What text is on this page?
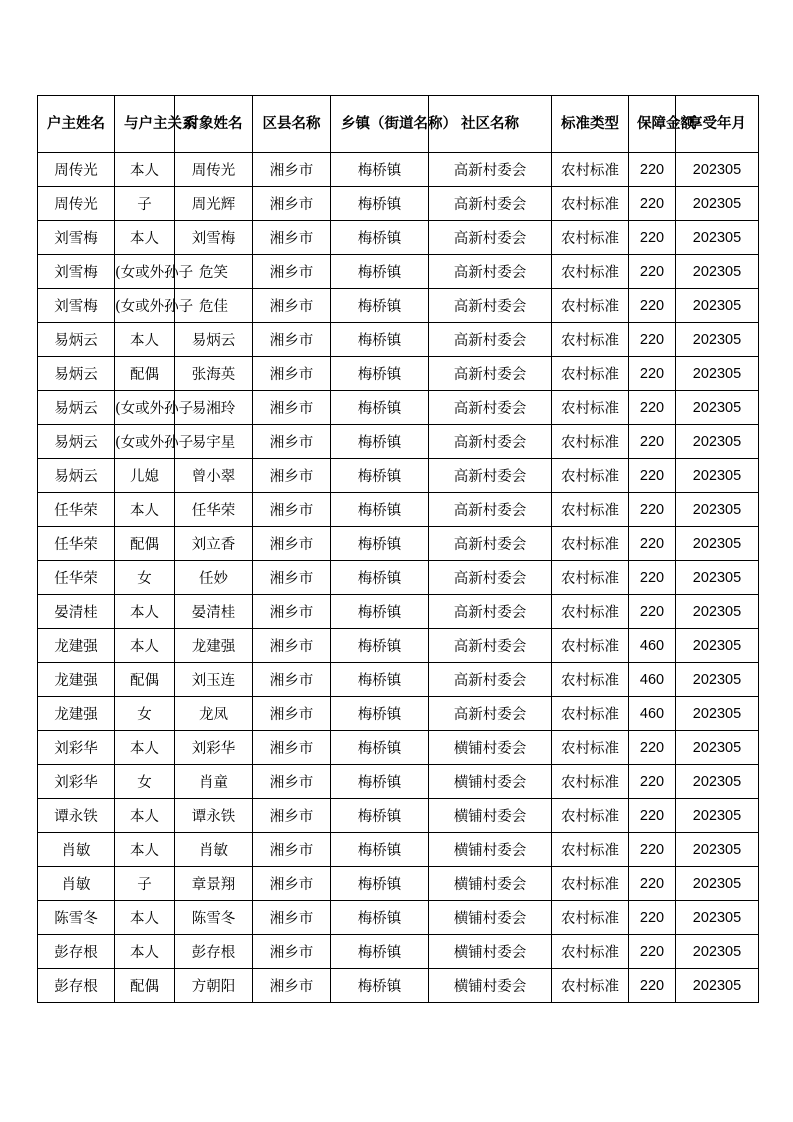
户主姓名	与户主关系	对象姓名	区县名称	乡镇（街道名称）	社区名称	标准类型	保障金额	享受年月
周传光	本人	周传光	湘乡市	梅桥镇	高新村委会	农村标准	220	202305
周传光	子	周光辉	湘乡市	梅桥镇	高新村委会	农村标准	220	202305
刘雪梅	本人	刘雪梅	湘乡市	梅桥镇	高新村委会	农村标准	220	202305
刘雪梅	(女或外孙子	危笑	湘乡市	梅桥镇	高新村委会	农村标准	220	202305
刘雪梅	(女或外孙子	危佳	湘乡市	梅桥镇	高新村委会	农村标准	220	202305
易炳云	本人	易炳云	湘乡市	梅桥镇	高新村委会	农村标准	220	202305
易炳云	配偶	张海英	湘乡市	梅桥镇	高新村委会	农村标准	220	202305
易炳云	(女或外孙子	易湘玲	湘乡市	梅桥镇	高新村委会	农村标准	220	202305
易炳云	(女或外孙子	易宇星	湘乡市	梅桥镇	高新村委会	农村标准	220	202305
易炳云	儿媳	曾小翠	湘乡市	梅桥镇	高新村委会	农村标准	220	202305
任华荣	本人	任华荣	湘乡市	梅桥镇	高新村委会	农村标准	220	202305
任华荣	配偶	刘立香	湘乡市	梅桥镇	高新村委会	农村标准	220	202305
任华荣	女	任妙	湘乡市	梅桥镇	高新村委会	农村标准	220	202305
晏清桂	本人	晏清桂	湘乡市	梅桥镇	高新村委会	农村标准	220	202305
龙建强	本人	龙建强	湘乡市	梅桥镇	高新村委会	农村标准	460	202305
龙建强	配偶	刘玉连	湘乡市	梅桥镇	高新村委会	农村标准	460	202305
龙建强	女	龙凤	湘乡市	梅桥镇	高新村委会	农村标准	460	202305
刘彩华	本人	刘彩华	湘乡市	梅桥镇	横铺村委会	农村标准	220	202305
刘彩华	女	肖童	湘乡市	梅桥镇	横铺村委会	农村标准	220	202305
谭永铁	本人	谭永铁	湘乡市	梅桥镇	横铺村委会	农村标准	220	202305
肖敏	本人	肖敏	湘乡市	梅桥镇	横铺村委会	农村标准	220	202305
肖敏	子	章景翔	湘乡市	梅桥镇	横铺村委会	农村标准	220	202305
陈雪冬	本人	陈雪冬	湘乡市	梅桥镇	横铺村委会	农村标准	220	202305
彭存根	本人	彭存根	湘乡市	梅桥镇	横铺村委会	农村标准	220	202305
彭存根	配偶	方朝阳	湘乡市	梅桥镇	横铺村委会	农村标准	220	202305
